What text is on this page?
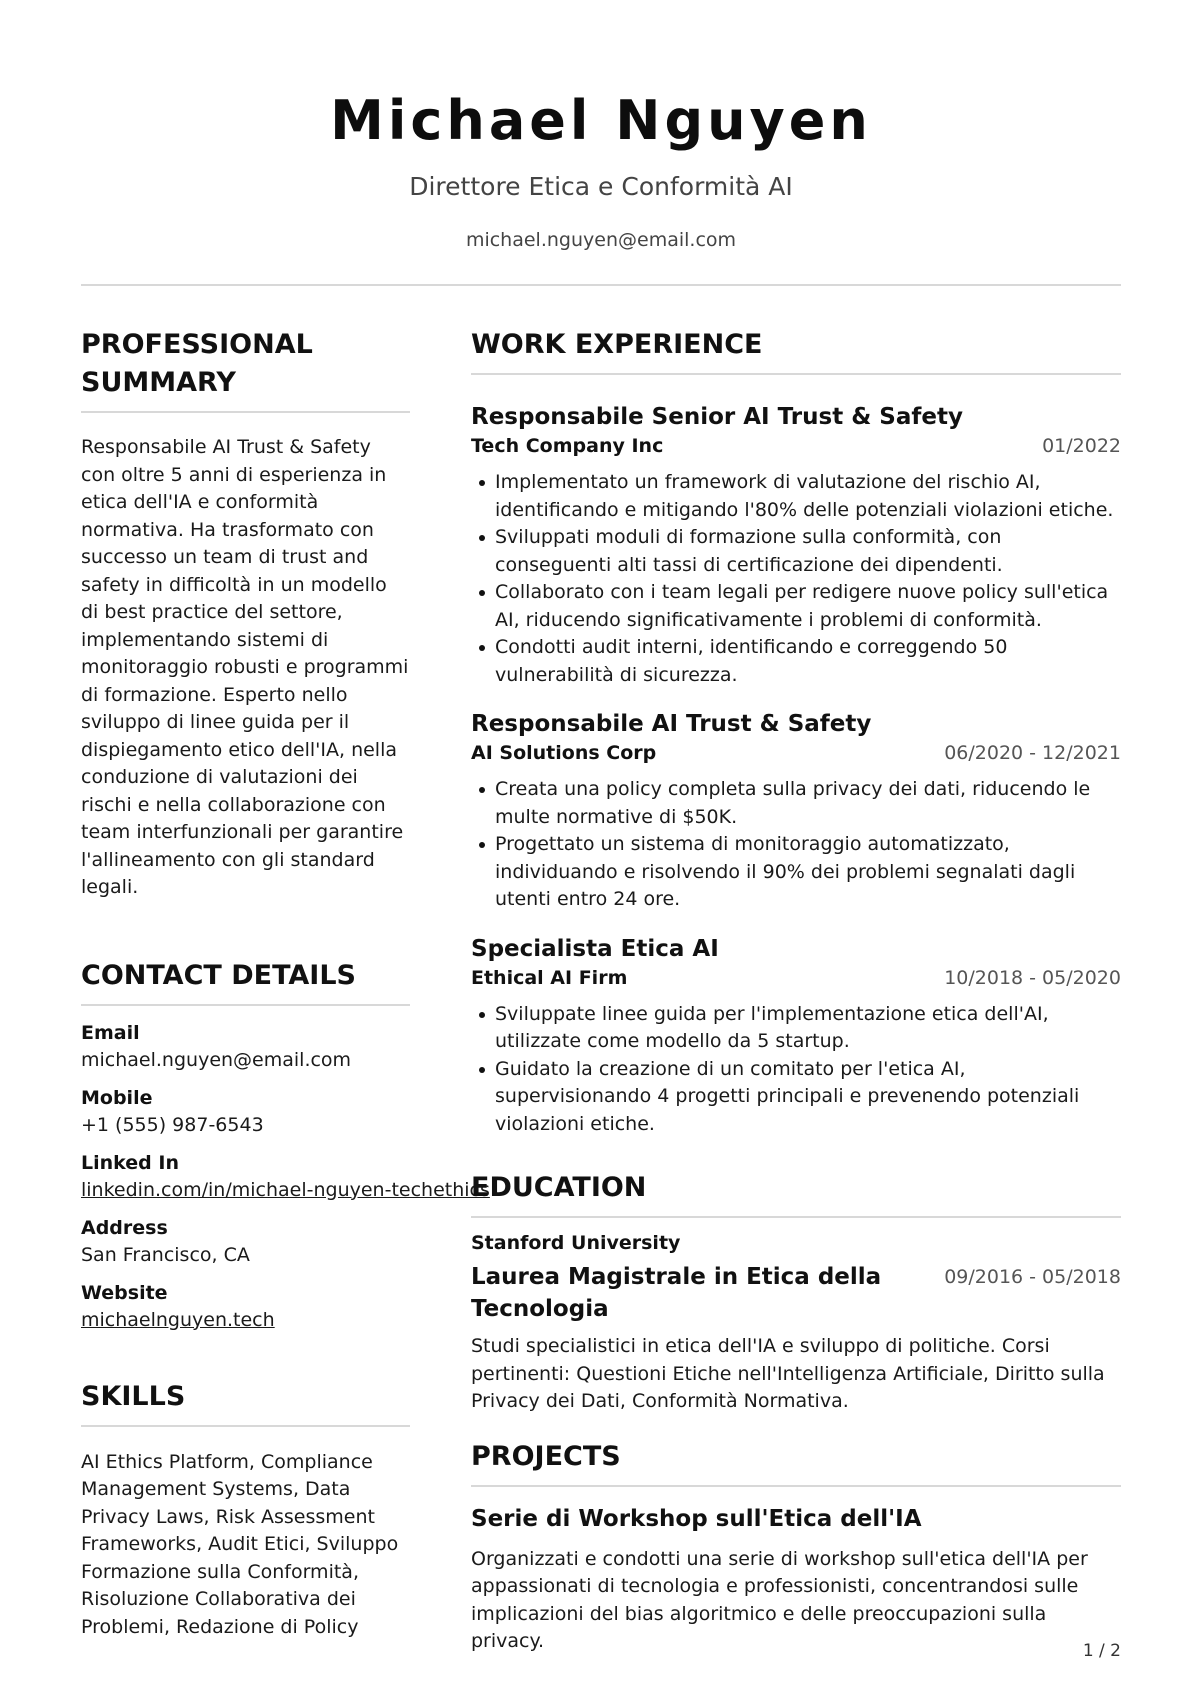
Michael Nguyen
Direttore Etica e Conformità AI
michael.nguyen@email.com
PROFESSIONAL SUMMARY

Responsabile AI Trust & Safety con oltre 5 anni di esperienza in etica dell'IA e conformità normativa. Ha trasformato con successo un team di trust and safety in difficoltà in un modello di best practice del settore, implementando sistemi di monitoraggio robusti e programmi di formazione. Esperto nello sviluppo di linee guida per il dispiegamento etico dell'IA, nella conduzione di valutazioni dei rischi e nella collaborazione con team interfunzionali per garantire l'allineamento con gli standard legali.

CONTACT DETAILS
Email
michael.nguyen@email.com
Mobile
+1 (555) 987-6543
Linked In
linkedin.com/in/michael-nguyen-techethics
Address
San Francisco, CA
Website
michaelnguyen.tech
SKILLS

AI Ethics Platform, Compliance Management Systems, Data Privacy Laws, Risk Assessment Frameworks, Audit Etici, Sviluppo Formazione sulla Conformità, Risoluzione Collaborativa dei Problemi, Redazione di Policy

WORK EXPERIENCE
Responsabile Senior AI Trust & Safety
Tech Company Inc	01/2022
Implementato un framework di valutazione del rischio AI, identificando e mitigando l'80% delle potenziali violazioni etiche.
Sviluppati moduli di formazione sulla conformità, con conseguenti alti tassi di certificazione dei dipendenti.
Collaborato con i team legali per redigere nuove policy sull'etica AI, riducendo significativamente i problemi di conformità.
Condotti audit interni, identificando e correggendo 50 vulnerabilità di sicurezza.
Responsabile AI Trust & Safety
AI Solutions Corp	06/2020 - 12/2021
Creata una policy completa sulla privacy dei dati, riducendo le multe normative di $50K.
Progettato un sistema di monitoraggio automatizzato, individuando e risolvendo il 90% dei problemi segnalati dagli utenti entro 24 ore.
Specialista Etica AI
Ethical AI Firm	10/2018 - 05/2020
Sviluppate linee guida per l'implementazione etica dell'AI, utilizzate come modello da 5 startup.
Guidato la creazione di un comitato per l'etica AI, supervisionando 4 progetti principali e prevenendo potenziali violazioni etiche.
EDUCATION
Stanford University
Laurea Magistrale in Etica della Tecnologia
09/2016 - 05/2018

Studi specialistici in etica dell'IA e sviluppo di politiche. Corsi pertinenti: Questioni Etiche nell'Intelligenza Artificiale, Diritto sulla Privacy dei Dati, Conformità Normativa.

PROJECTS
Serie di Workshop sull'Etica dell'IA

Organizzati e condotti una serie di workshop sull'etica dell'IA per appassionati di tecnologia e professionisti, concentrandosi sulle implicazioni del bias algoritmico e delle preoccupazioni sulla privacy.	1 / 2
